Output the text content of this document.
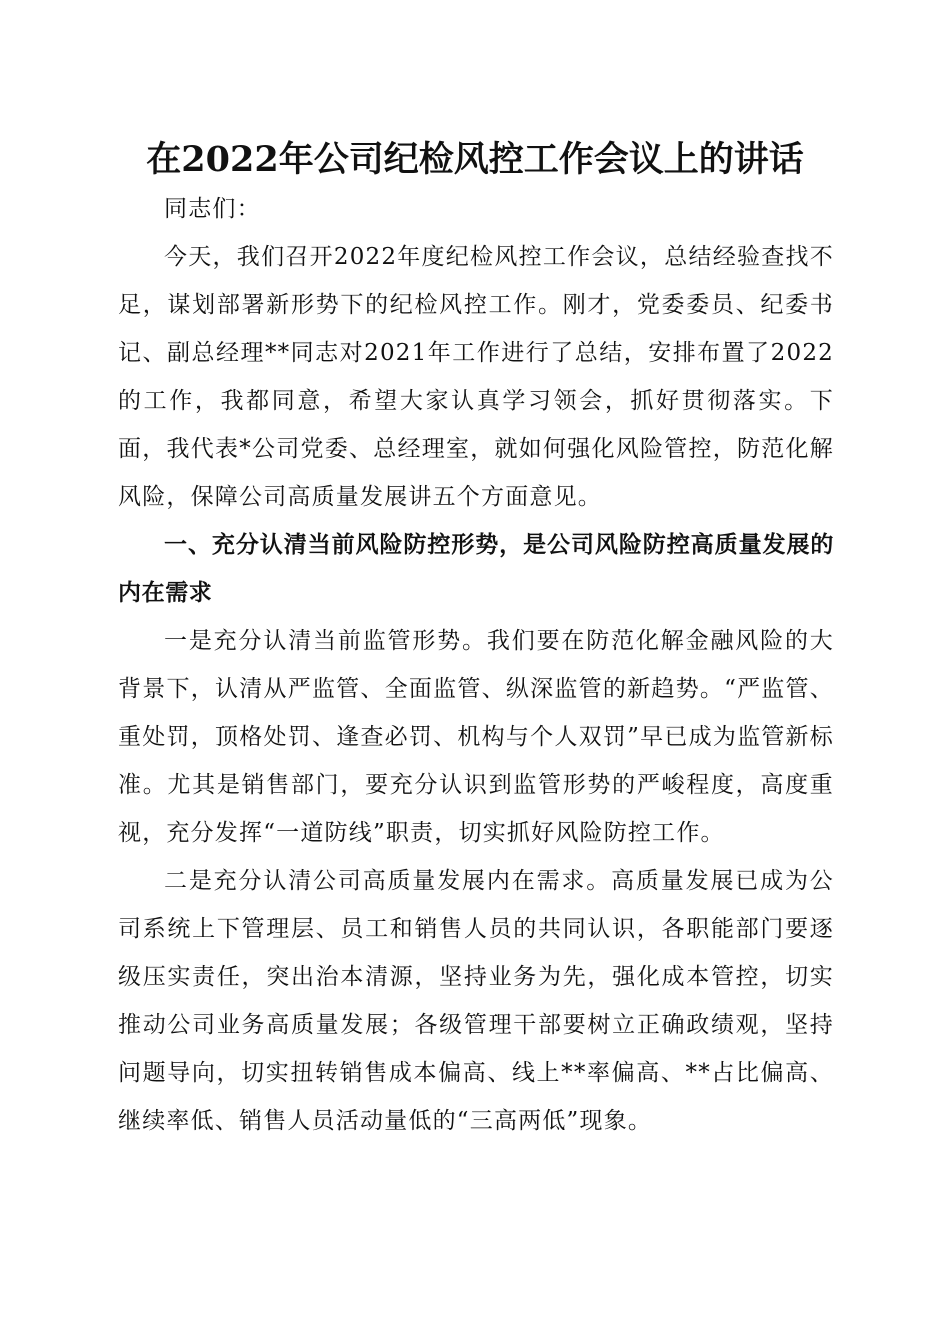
在2022年公司纪检风控工作会议上的讲话

同志们：

今天，我们召开2022年度纪检风控工作会议，总结经验查找不足，谋划部署新形势下的纪检风控工作。刚才，党委委员、纪委书记、副总经理**同志对2021年工作进行了总结，安排布置了2022的工作，我都同意，希望大家认真学习领会，抓好贯彻落实。下面，我代表*公司党委、总经理室，就如何强化风险管控，防范化解风险，保障公司高质量发展讲五个方面意见。

一、充分认清当前风险防控形势，是公司风险防控高质量发展的内在需求

一是充分认清当前监管形势。我们要在防范化解金融风险的大背景下，认清从严监管、全面监管、纵深监管的新趋势。“严监管、重处罚，顶格处罚、逢查必罚、机构与个人双罚”早已成为监管新标准。尤其是销售部门，要充分认识到监管形势的严峻程度，高度重视，充分发挥“一道防线”职责，切实抓好风险防控工作。

二是充分认清公司高质量发展内在需求。高质量发展已成为公司系统上下管理层、员工和销售人员的共同认识，各职能部门要逐级压实责任，突出治本清源，坚持业务为先，强化成本管控，切实推动公司业务高质量发展；各级管理干部要树立正确政绩观，坚持问题导向，切实扭转销售成本偏高、线上**率偏高、**占比偏高、继续率低、销售人员活动量低的“三高两低”现象。
